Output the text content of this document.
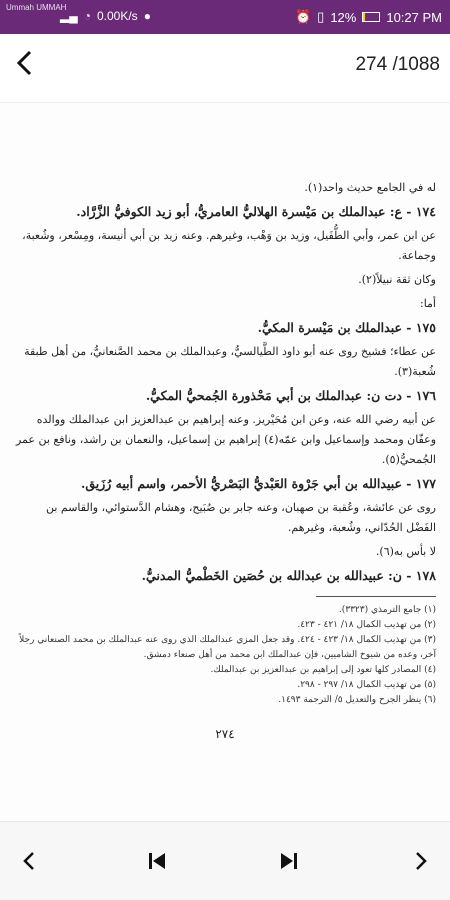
Ummah UMMAH
▂▄ ◔ 0.00K/s ●	⏰ ▯ 12% 10:27 PM
274 /1088

له في الجامع حديث واحد(١).

١٧٤ - ع: عبدالملك بن مَيْسرة الهلاليُّ العامريُّ، أبو زيد الكوفيُّ الزَّرَّاد.

عن ابن عمر، وأبي الطُّفَيل، وزيد بن وَهْب، وغيرهم. وعنه زيد بن أبي أنيسة، ومِسْعر، وشُعبة، وجماعة.

وكان ثقة نبيلاً(٢).

أما:

١٧٥ - عبدالملك بن مَيْسرة المكيُّ.

عن عطاء؛ فشيخ روى عنه أبو داود الطَّيالسيُّ، وعبدالملك بن محمد الصَّنعانيُّ، من أهل طبقة شُعبة(٣).

١٧٦ - دت ن: عبدالملك بن أبي مَحْذورة الجُمحيُّ المكيُّ.

عن أبيه رضي الله عنه، وعن ابن مُحَيْريز. وعنه إبراهيم بن عبدالعزيز ابن عبدالملك ووالده وعفّان ومحمد وإسماعيل وابن عمّه(٤) إبراهيم بن إسماعيل، والنعمان بن راشد، ونافع بن عمر الجُمحيُّ(٥).

١٧٧ - عبيدالله بن أبي جَرْوة العَبْديُّ البَصْريُّ الأحمر، واسم أبيه رُزَيق.

روى عن عائشة، وعُقبة بن صهبان، وعنه جابر بن صُبَيح، وهشام الدَّستوائي، والقاسم بن الفَضْل الحُدّاني، وشُعبة، وغيرهم.

لا بأس به(٦).

١٧٨ - ن: عبيدالله بن عبدالله بن حُصَين الخَطْميُّ المدنيُّ.

(١) جامع الترمذي (٣٣٢٣).
(٢) من تهذيب الكمال ١٨/ ٤٢١ - ٤٢٣.
(٣) من تهذيب الكمال ١٨/ ٤٢٣ - ٤٢٤. وقد جعل المزي عبدالملك الذي روى عنه عبدالملك بن محمد الصنعاني رجلاً آخر، وعده من شيوخ الشاميين، فإن عبدالملك ابن محمد من أهل صنعاء دمشق.
(٤) المصادر كلها تعود إلى إبراهيم بن عبدالعزيز بن عبدالملك.
(٥) من تهذيب الكمال ١٨/ ٢٩٧ - ٢٩٨.
(٦) ينظر الجرح والتعديل ٥/ الترجمة ١٤٩٣.
٢٧٤
